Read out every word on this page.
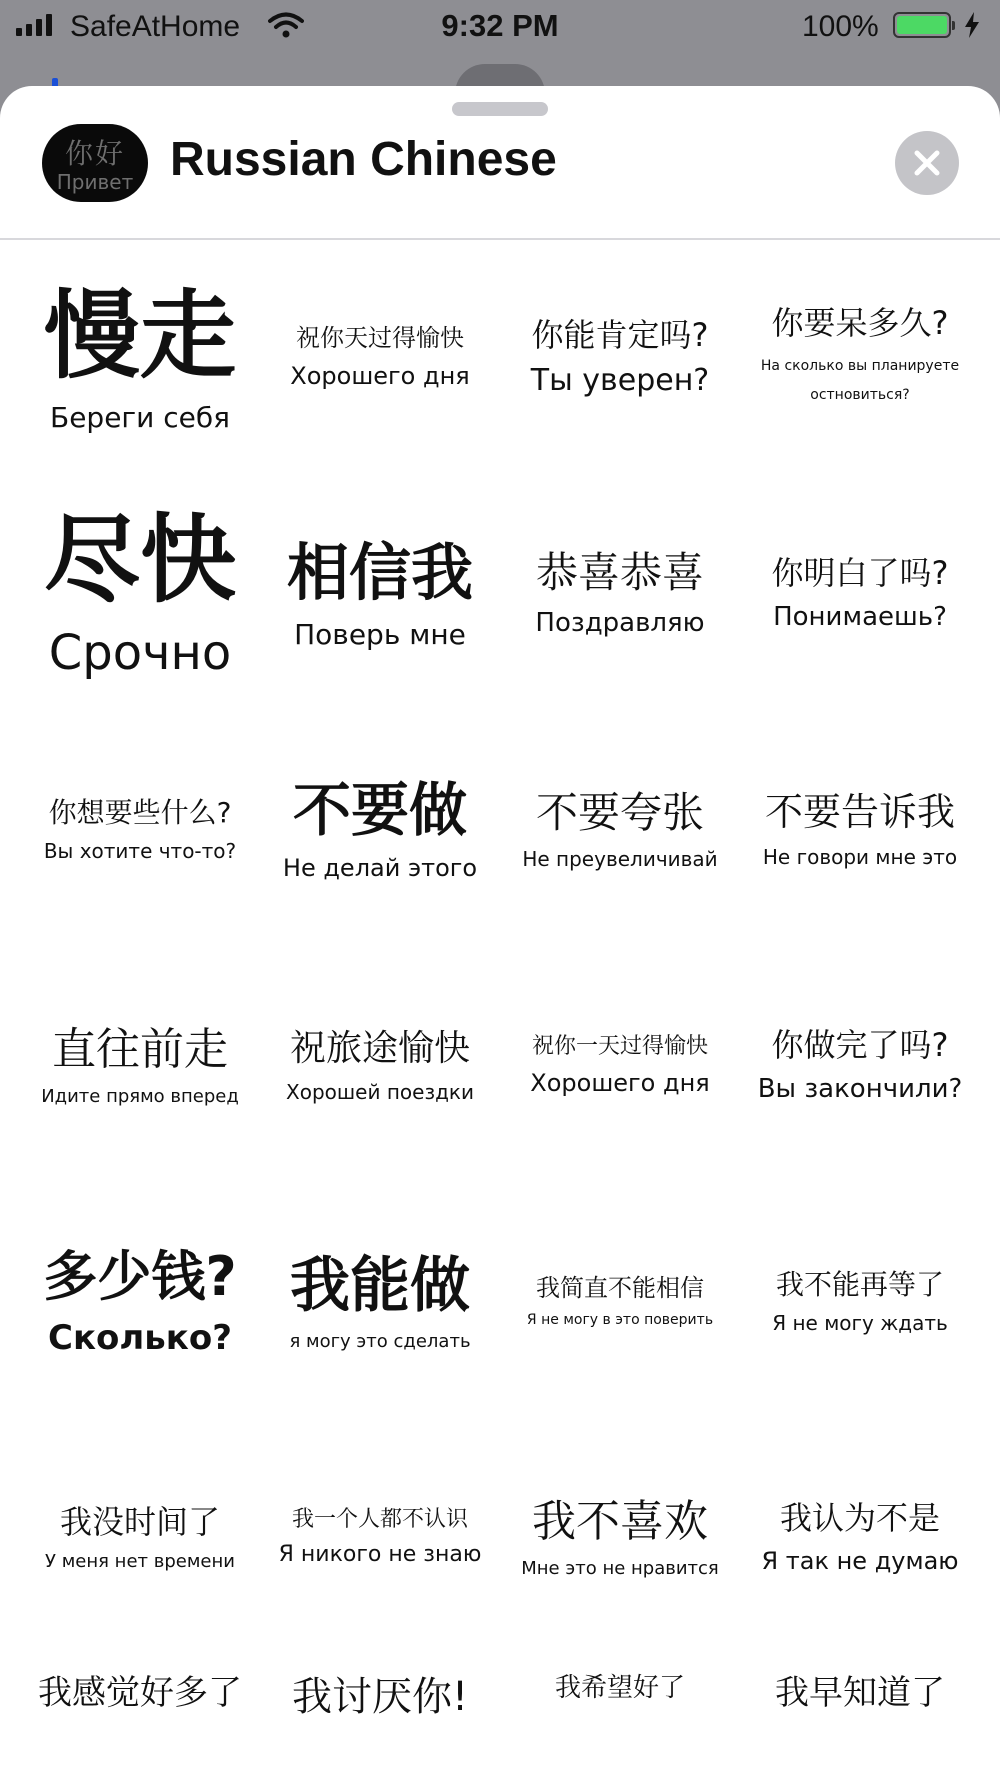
SafeAtHome	9:32 PM	100%
你好
Привет Russian Chinese
慢走
Береги себя
祝你天过得愉快
Хорошего дня
你能肯定吗?
Ты уверен?
你要呆多久?
На сколько вы планируете остновиться?
尽快
Срочно
相信我
Поверь мне
恭喜恭喜
Поздравляю
你明白了吗?
Понимаешь?
你想要些什么?
Вы хотите что-то?
不要做
Не делай этого
不要夸张
Не преувеличивай
不要告诉我
Не говори мне это
直往前走
Идите прямо вперед
祝旅途愉快
Хорошей поездки
祝你一天过得愉快
Хорошего дня
你做完了吗?
Вы закончили?
多少钱?
Сколько?
我能做
я могу это сделать
我简直不能相信
Я не могу в это поверить
我不能再等了
Я не могу ждать
我没时间了
У меня нет времени
我一个人都不认识
Я никого не знаю
我不喜欢
Мне это не нравится
我认为不是
Я так не думаю
我感觉好多了 我讨厌你!	我希望好了	我早知道了
